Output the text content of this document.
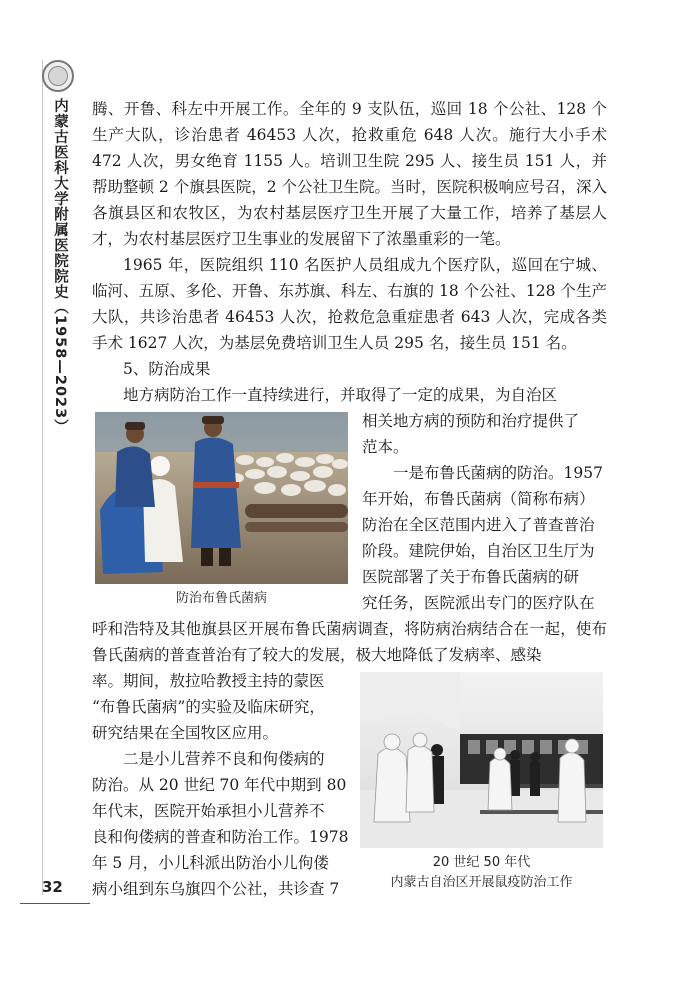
内蒙古医科大学附属医院院史（1958—2023）
32

腾、开鲁、科左中开展工作。全年的 9 支队伍，巡回 18 个公社、128 个生产大队，诊治患者 46453 人次，抢救重危 648 人次。施行大小手术 472 人次，男女绝育 1155 人。培训卫生院 295 人、接生员 151 人，并帮助整顿 2 个旗县医院，2 个公社卫生院。当时，医院积极响应号召，深入各旗县区和农牧区，为农村基层医疗卫生开展了大量工作，培养了基层人才，为农村基层医疗卫生事业的发展留下了浓墨重彩的一笔。

1965 年，医院组织 110 名医护人员组成九个医疗队，巡回在宁城、临河、五原、多伦、开鲁、东苏旗、科左、右旗的 18 个公社、128 个生产大队，共诊治患者 46453 人次，抢救危急重症患者 643 人次，完成各类手术 1627 人次，为基层免费培训卫生人员 295 名，接生员 151 名。

5、防治成果

地方病防治工作一直持续进行，并取得了一定的成果，为自治区

防治布鲁氏菌病

相关地方病的预防和治疗提供了

范本。

一是布鲁氏菌病的防治。1957

年开始，布鲁氏菌病（简称布病）

防治在全区范围内进入了普查普治

阶段。建院伊始，自治区卫生厅为

医院部署了关于布鲁氏菌病的研

究任务，医院派出专门的医疗队在

呼和浩特及其他旗县区开展布鲁氏菌病调查，将防病治病结合在一起，使布鲁氏菌病的普查普治有了较大的发展，极大地降低了发病率、感染

20 世纪 50 年代
内蒙古自治区开展鼠疫防治工作

率。期间，敖拉哈教授主持的蒙医

“布鲁氏菌病”的实验及临床研究，

研究结果在全国牧区应用。

二是小儿营养不良和佝偻病的

防治。从 20 世纪 70 年代中期到 80

年代末，医院开始承担小儿营养不

良和佝偻病的普查和防治工作。1978

年 5 月，小儿科派出防治小儿佝偻

病小组到东乌旗四个公社，共诊查 7
